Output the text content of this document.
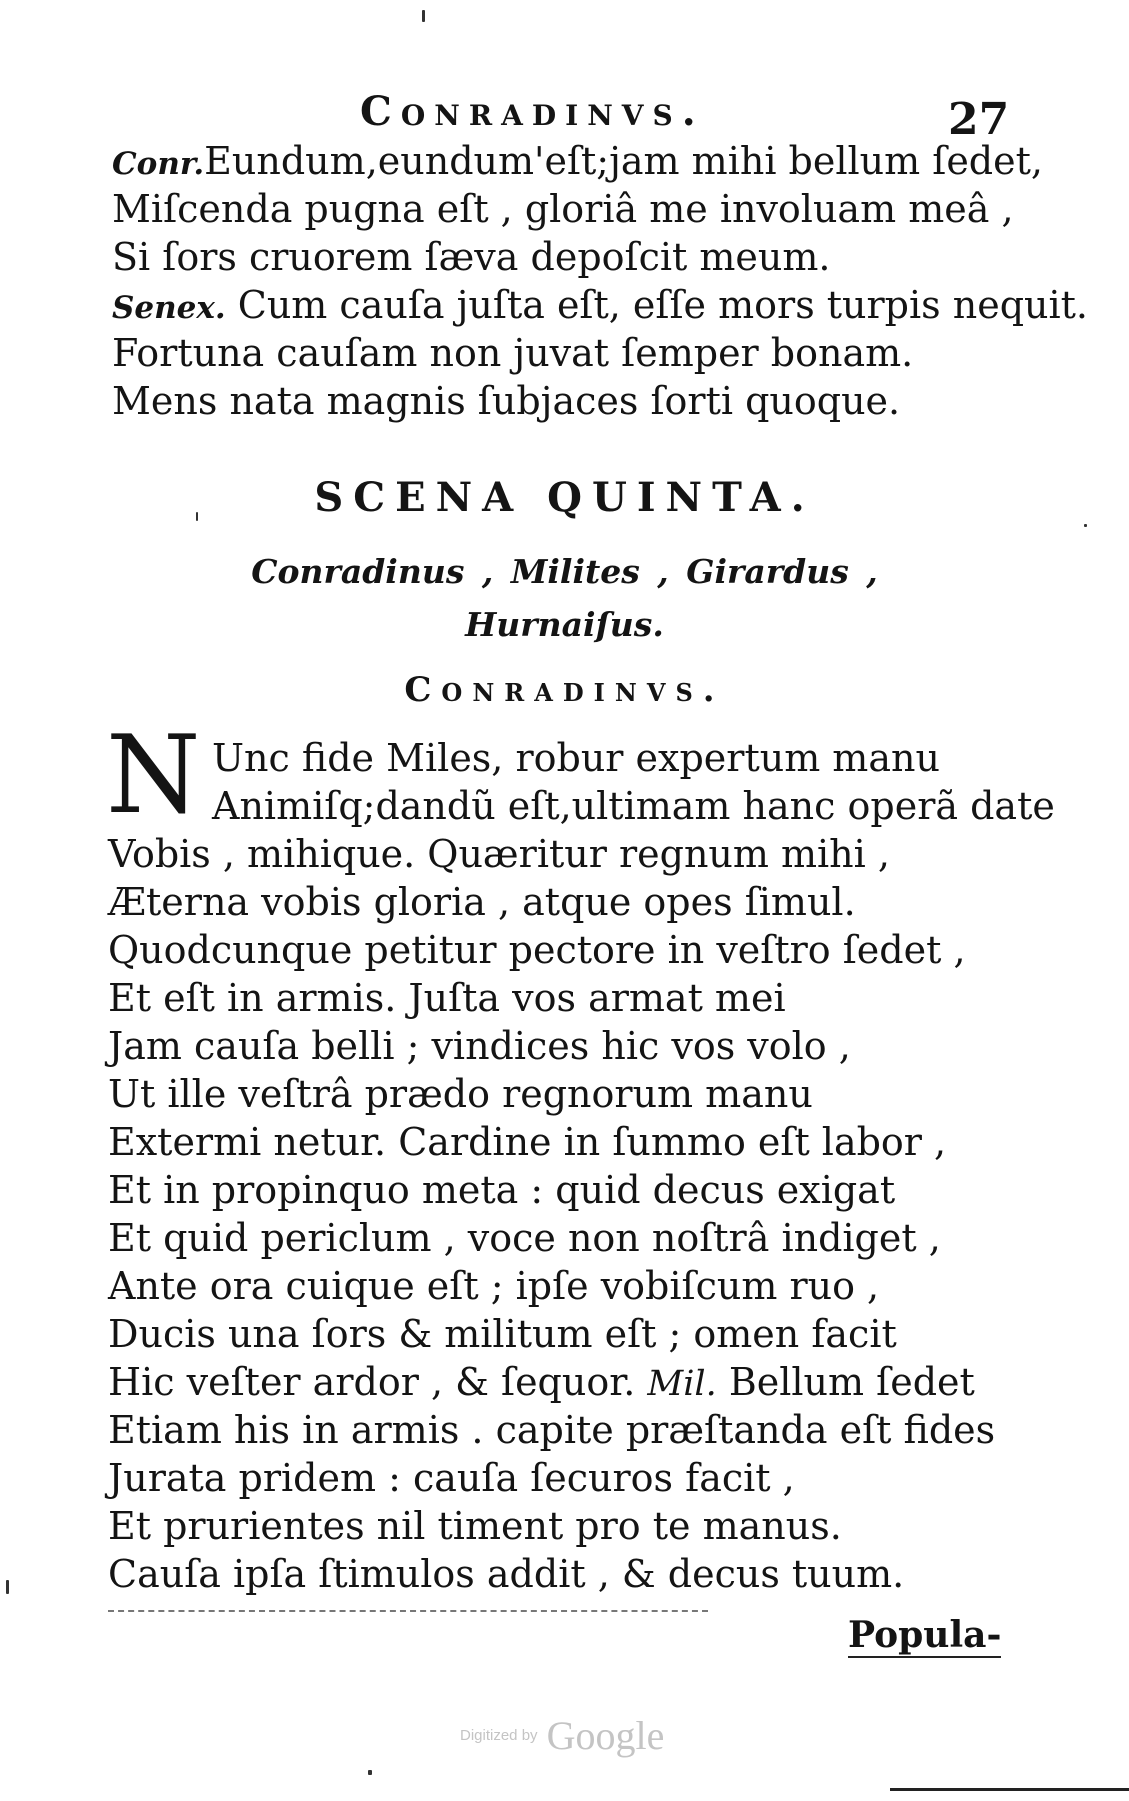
Conradinvs.	27
Conr.Eundum,eundum'eſt;jam mihi bellum ſedet,
Miſcenda pugna eſt , gloriâ me involuam meâ ,
Si ſors cruorem ſæva depoſcit meum.
Senex. Cum cauſa juſta eſt, eſſe mors turpis nequit.
Fortuna cauſam non juvat ſemper bonam.
Mens nata magnis ſubjaces ſorti quoque.
SCENA QUINTA.
Conradinus , Milites , Girardus ,
Hurnaiſus.
Conradinvs.
N Unc fide Miles, robur expertum manu
Animiſq;dandũ eſt,ultimam hanc operã date
Vobis , mihique. Quæritur regnum mihi ,
Æterna vobis gloria , atque opes ſimul.
Quodcunque petitur pectore in veſtro ſedet ,
Et eſt in armis. Juſta vos armat mei
Jam cauſa belli ; vindices hic vos volo ,
Ut ille veſtrâ prædo regnorum manu
Extermi netur. Cardine in ſummo eſt labor ,
Et in propinquo meta : quid decus exigat
Et quid periclum , voce non noſtrâ indiget ,
Ante ora cuique eſt ; ipſe vobiſcum ruo ,
Ducis una ſors & militum eſt ; omen facit
Hic veſter ardor , & ſequor. Mil. Bellum ſedet
Etiam his in armis . capite præſtanda eſt fides
Jurata pridem : cauſa ſecuros facit ,
Et prurientes nil timent pro te manus.
Cauſa ipſa ſtimulos addit , & decus tuum.
Popula-
Digitized by Google
